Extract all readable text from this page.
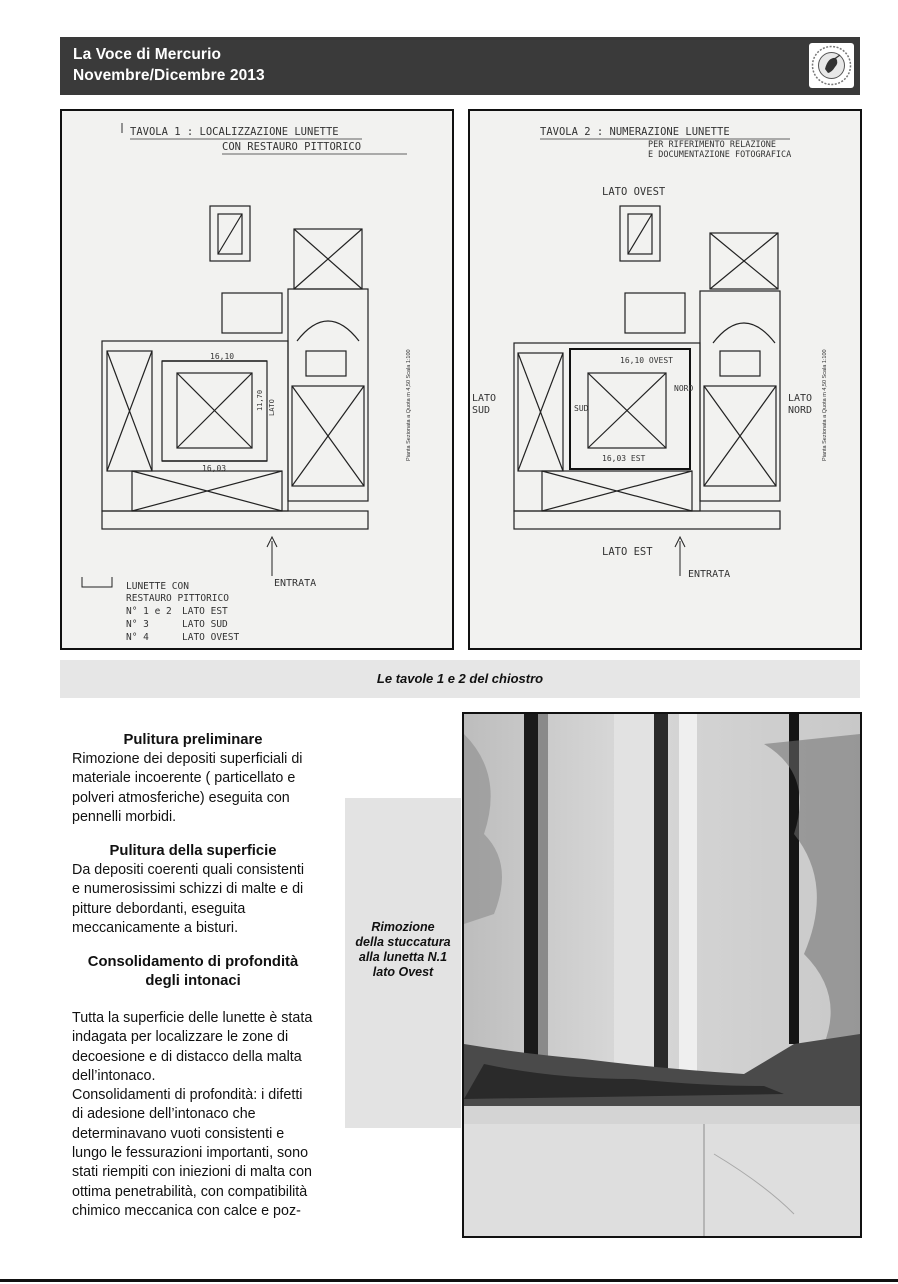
La Voce di Mercurio
Novembre/Dicembre 2013
TAVOLA 1 : LOCALIZZAZIONE LUNETTE
CON RESTAURO PITTORICO
16,10
16,03
11,70 LATO	Pianta Sezionata a Quota m 4,50 Scala 1:100
ENTRATA
LUNETTE CON
RESTAURO PITTORICO
N° 1 e 2 LATO EST
N° 3	LATO SUD
N° 4	LATO OVEST
TAVOLA 2 : NUMERAZIONE LUNETTE
PER RIFERIMENTO RELAZIONE
E DOCUMENTAZIONE FOTOGRAFICA
LATO OVEST
16,10 OVEST
16,03 EST
SUD
NORD
LATO
SUD
LATO
NORD Pianta Sezionata a Quota m 4,50 Scala 1:100
LATO EST
ENTRATA
Le tavole 1 e 2 del chiostro
Pulitura preliminare

Rimozione dei depositi superficiali di materiale incoerente ( particellato e polveri atmosferiche) eseguita con pennelli morbidi.

Pulitura della superficie

Da depositi coerenti quali consistenti e numerosissimi schizzi di malte e di pitture debordanti, eseguita meccanicamente a bisturi.

Consolidamento di profondità degli intonaci

Tutta la superficie delle lunette è stata indagata per localizzare le zone di decoesione e di distacco della malta dell’intonaco.

Consolidamenti di profondità: i difetti di adesione dell’intonaco che determinavano vuoti consistenti e lungo le fessurazioni importanti, sono stati riempiti con iniezioni di malta con ottima penetrabilità, con compatibilità chimico meccanica con calce e poz-

Rimozione
della stuccatura
alla lunetta N.1
lato Ovest
